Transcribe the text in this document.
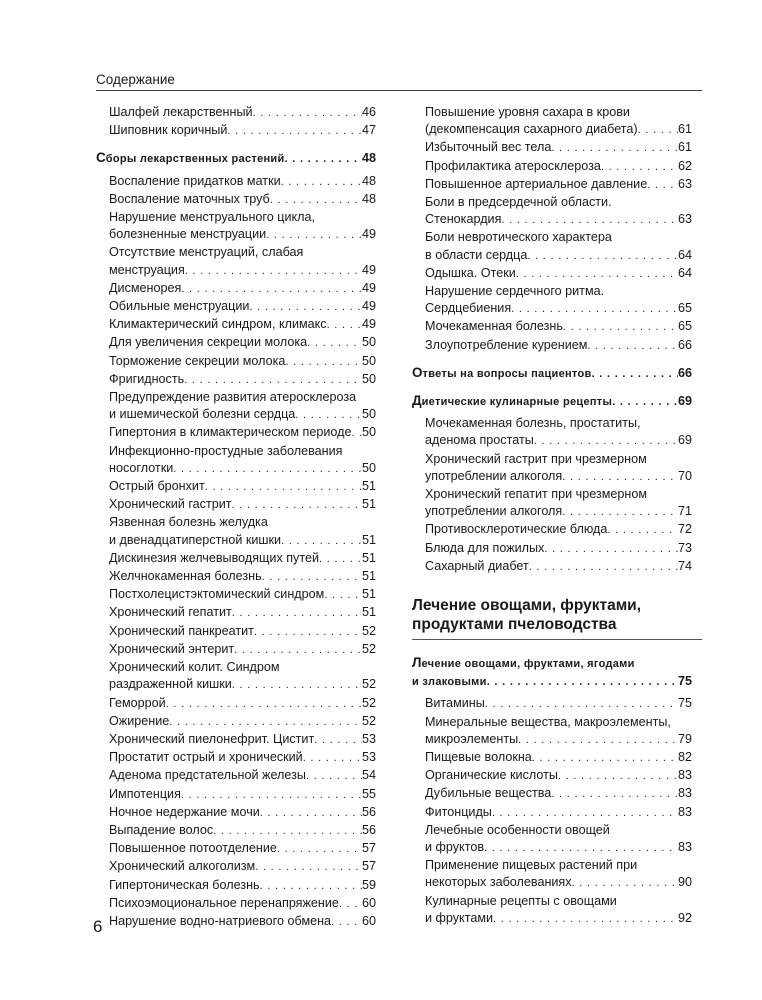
Содержание
Шалфей лекарственный . . .	46
Шиповник коричный . . .	47
Сборы лекарственных растений . . .	48
Воспаление придатков матки . . .	48
Воспаление маточных труб . . .	48
Нарушение менструального цикла,
болезненные менструации . . .	49
Отсутствие менструаций, слабая
менструация . . .	49
Дисменорея . . .	49
Обильные менструации . . .	49
Климактерический синдром, климакс . . .	49
Для увеличения секреции молока . . .	50
Торможение секреции молока . . .	50
Фригидность . . .	50
Предупреждение развития атеросклероза
и ишемической болезни сердца . . .	50
Гипертония в климактерическом периоде . . . 50
Инфекционно-простудные заболевания
носоглотки . . .	50
Острый бронхит . . .	51
Хронический гастрит . . .	51
Язвенная болезнь желудка
и двенадцатиперстной кишки . . .	51
Дискинезия желчевыводящих путей . . .	51
Желчнокаменная болезнь . . .	51
Постхолецистэктомический синдром . . .	51
Хронический гепатит . . .	51
Хронический панкреатит . . .	52
Хронический энтерит . . .	52
Хронический колит. Синдром
раздраженной кишки . . .	52
Геморрой . . .	52
Ожирение . . .	52
Хронический пиелонефрит. Цистит . . .	53
Простатит острый и хронический . . .	53
Аденома предстательной железы . . .	54
Импотенция . . .	55
Ночное недержание мочи . . .	56
Выпадение волос . . .	56
Повышенное потоотделение . . .	57
Хронический алкоголизм . . .	57
Гипертоническая болезнь . . .	59
Психоэмоциональное перенапряжение . . . 60
Нарушение водно-натриевого обмена . . . 60
Повышение уровня сахара в крови
(декомпенсация сахарного диабета) . . .	61
Избыточный вес тела . . .	61
Профилактика атеросклероза . . .	62
Повышенное артериальное давление . . . 63
Боли в предсердечной области.
Стенокардия . . .	63
Боли невротического характера
в области сердца . . .	64
Одышка. Отеки . . .	64
Нарушение сердечного ритма.
Сердцебиения . . .	65
Мочекаменная болезнь . . .	65
Злоупотребление курением . . .	66
Ответы на вопросы пациентов . . .	66
Диетические кулинарные рецепты . . .	69
Мочекаменная болезнь, простатиты,
аденома простаты . . .	69
Хронический гастрит при чрезмерном
употреблении алкоголя . . .	70
Хронический гепатит при чрезмерном
употреблении алкоголя . . .	71
Противосклеротические блюда . . .	72
Блюда для пожилых . . .	73
Сахарный диабет . . .	74
Лечение овощами, фруктами,
продуктами пчеловодства
Лечение овощами, фруктами, ягодами
и злаковыми . . .	75
Витамины . . .	75
Минеральные вещества, макроэлементы,
микроэлементы . . .	79
Пищевые волокна . . .	82
Органические кислоты . . .	83
Дубильные вещества . . .	83
Фитонциды . . .	83
Лечебные особенности овощей
и фруктов . . .	83
Применение пищевых растений при
некоторых заболеваниях . . .	90
Кулинарные рецепты с овощами
и фруктами . . .	92
6
